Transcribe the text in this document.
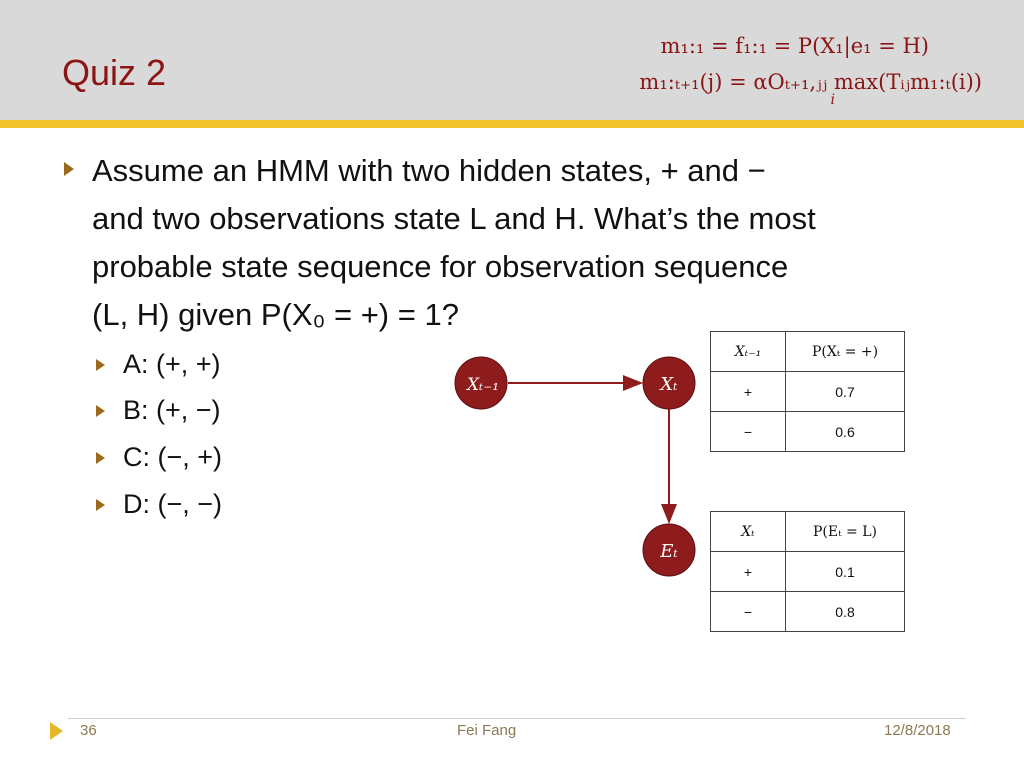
Quiz 2
m₁:₁ = f₁:₁ = P(X₁|e₁ = H)
m₁:ₜ₊₁(j) = αOₜ₊₁,ⱼⱼ max(Tᵢⱼm₁:ₜ(i))
i
Assume an HMM with two hidden states, + and −
and two observations state L and H. What’s the most
probable state sequence for observation sequence
(L, H) given P(X₀ = +) = 1?
A: (+, +)
B: (+, −)
C: (−, +)
D: (−, −)
Xₜ₋₁	Xₜ
Eₜ
Xₜ₋₁	P(Xₜ = +)
+	0.7
−	0.6
Xₜ	P(Eₜ = L)
+	0.1
−	0.8
36	Fei Fang	12/8/2018
